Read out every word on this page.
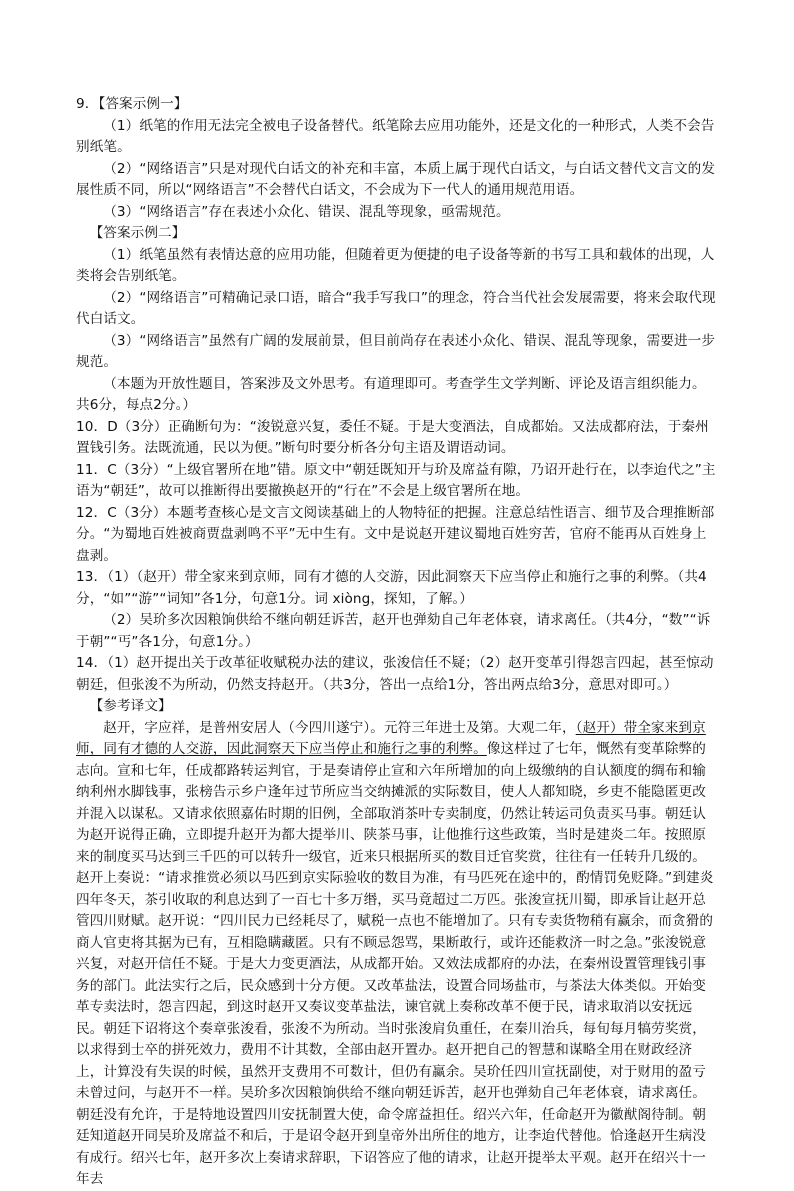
9．【答案示例一】

（1）纸笔的作用无法完全被电子设备替代。纸笔除去应用功能外，还是文化的一种形式，人类不会告别纸笔。

（2）“网络语言”只是对现代白话文的补充和丰富，本质上属于现代白话文，与白话文替代文言文的发展性质不同，所以“网络语言”不会替代白话文，不会成为下一代人的通用规范用语。

（3）“网络语言”存在表述小众化、错误、混乱等现象，亟需规范。

【答案示例二】

（1）纸笔虽然有表情达意的应用功能，但随着更为便捷的电子设备等新的书写工具和载体的出现，人类将会告别纸笔。

（2）“网络语言”可精确记录口语，暗合“我手写我口”的理念，符合当代社会发展需要，将来会取代现代白话文。

（3）“网络语言”虽然有广阔的发展前景，但目前尚存在表述小众化、错误、混乱等现象，需要进一步规范。

（本题为开放性题目，答案涉及文外思考。有道理即可。考查学生文学判断、评论及语言组织能力。共6分，每点2分。）

10．D（3分）正确断句为：“浚锐意兴复，委任不疑。于是大变酒法，自成都始。又法成都府法，于秦州置钱引务。法既流通，民以为便。”断句时要分析各分句主语及谓语动词。

11．C（3分）“上级官署所在地”错。原文中“朝廷既知开与玠及席益有隙，乃诏开赴行在，以李迨代之”主语为“朝廷”，故可以推断得出要撤换赵开的“行在”不会是上级官署所在地。

12．C（3分）本题考查核心是文言文阅读基础上的人物特征的把握。注意总结性语言、细节及合理推断部分。“为蜀地百姓被商贾盘剥鸣不平”无中生有。文中是说赵开建议蜀地百姓穷苦，官府不能再从百姓身上盘剥。

13．（1）（赵开）带全家来到京师，同有才德的人交游，因此洞察天下应当停止和施行之事的利弊。（共4分，“如”“游”“词知”各1分，句意1分。词 xiòng，探知，了解。）

（2）吴玠多次因粮饷供给不继向朝廷诉苦，赵开也弹劾自己年老体衰，请求离任。（共4分，“数”“诉于朝”“丐”各1分，句意1分。）

14．（1）赵开提出关于改革征收赋税办法的建议，张浚信任不疑；（2）赵开变革引得怨言四起，甚至惊动朝廷，但张浚不为所动，仍然支持赵开。（共3分，答出一点给1分，答出两点给3分，意思对即可。）

【参考译文】

赵开，字应祥，是普州安居人（今四川遂宁）。元符三年进士及第。大观二年，（赵开）带全家来到京师，同有才德的人交游，因此洞察天下应当停止和施行之事的利弊。像这样过了七年，慨然有变革除弊的志向。宣和七年，任成都路转运判官，于是奏请停止宣和六年所增加的向上级缴纳的自认额度的绸布和输纳利州水脚钱事，张榜告示乡户逢年过节所应当交纳摊派的实际数目，使人人都知晓，乡吏不能隐匿更改并混入以谋私。又请求依照嘉佑时期的旧例，全部取消茶叶专卖制度，仍然让转运司负责买马事。朝廷认为赵开说得正确，立即提升赵开为都大提举川、陕茶马事，让他推行这些政策，当时是建炎二年。按照原来的制度买马达到三千匹的可以转升一级官，近来只根据所买的数目迁官奖赏，往往有一任转升几级的。赵开上奏说：“请求推赏必须以马匹到京实际验收的数目为准，有马匹死在途中的，酌情罚免贬降。”到建炎四年冬天，茶引收取的利息达到了一百七十多万缗，买马竟超过二万匹。张浚宣抚川蜀，即承旨让赵开总管四川财赋。赵开说：“四川民力已经耗尽了，赋税一点也不能增加了。只有专卖货物稍有赢余，而贪猾的商人官吏将其据为已有，互相隐瞒藏匿。只有不顾忌怨骂，果断敢行，或许还能救济一时之急。”张浚锐意兴复，对赵开信任不疑。于是大力变更酒法，从成都开始。又效法成都府的办法，在秦州设置管理钱引事务的部门。此法实行之后，民众感到十分方便。又改革盐法，设置合同场盐市，与茶法大体类似。开始变革专卖法时，怨言四起，到这时赵开又奏议变革盐法，谏官就上奏称改革不便于民，请求取消以安抚远民。朝廷下诏将这个奏章张浚看，张浚不为所动。当时张浚肩负重任，在秦川治兵，每旬每月犒劳奖赏，以求得到士卒的拼死效力，费用不计其数，全部由赵开置办。赵开把自己的智慧和谋略全用在财政经济上，计算没有失误的时候，虽然开支费用不可数计，但仍有赢余。吴玠任四川宣抚副使，对于财用的盈亏未曾过问，与赵开不一样。吴玠多次因粮饷供给不继向朝廷诉苦，赵开也弹劾自己年老体衰，请求离任。朝廷没有允许，于是特地设置四川安抚制置大使，命令席益担任。绍兴六年，任命赵开为徽猷阁待制。朝廷知道赵开同吴玠及席益不和后，于是诏令赵开到皇帝外出所住的地方，让李迨代替他。恰逢赵开生病没有成行。绍兴七年，赵开多次上奏请求辞职，下诏答应了他的请求，让赵开提举太平观。赵开在绍兴十一年去
